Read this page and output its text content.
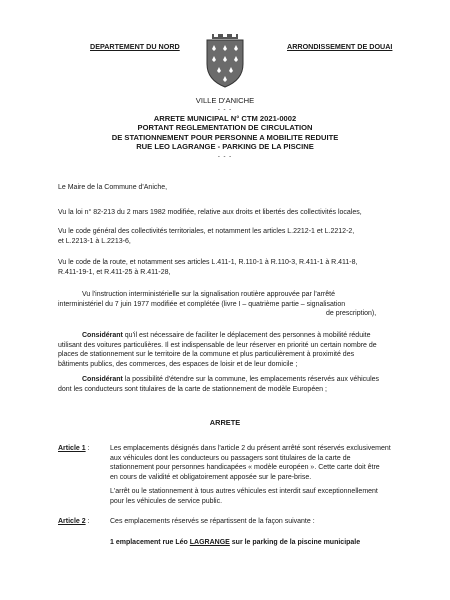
DEPARTEMENT DU NORD	ARRONDISSEMENT DE DOUAI
VILLE D'ANICHE
- - -
ARRETE MUNICIPAL N° CTM 2021-0002
PORTANT REGLEMENTATION DE CIRCULATION
DE STATIONNEMENT POUR PERSONNE A MOBILITE REDUITE
RUE LEO LAGRANGE - PARKING DE LA PISCINE
- - -
Le Maire de la Commune d'Aniche,
Vu la loi n° 82-213 du 2 mars 1982 modifiée, relative aux droits et libertés des collectivités locales,
Vu le code général des collectivités territoriales, et notamment les articles L.2212-1 et L.2212-2,
et L.2213-1 à L.2213-6,
Vu le code de la route, et notamment ses articles L.411-1, R.110-1 à R.110-3, R.411-1 à R.411-8,
R.411-19-1, et R.411-25 à R.411-28,
Vu l'instruction interministérielle sur la signalisation routière approuvée par l'arrêté
interministériel du 7 juin 1977 modifiée et complétée (livre I – quatrième partie – signalisation
de prescription),
Considérant qu'il est nécessaire de faciliter le déplacement des personnes à mobilité réduite
utilisant des voitures particulières. Il est indispensable de leur réserver en priorité un certain nombre de
places de stationnement sur le territoire de la commune et plus particulièrement à proximité des
bâtiments publics, des commerces, des espaces de loisir et de leur domicile ;
Considérant la possibilité d'étendre sur la commune, les emplacements réservés aux véhicules
dont les conducteurs sont titulaires de la carte de stationnement de modèle Européen ;
ARRETE
Article 1 :	Les emplacements désignés dans l'article 2 du présent arrêté sont réservés exclusivement
aux véhicules dont les conducteurs ou passagers sont titulaires de la carte de
stationnement pour personnes handicapées « modèle européen ». Cette carte doit être
en cours de validité et obligatoirement apposée sur le pare-brise.
L'arrêt ou le stationnement à tous autres véhicules est interdit sauf exceptionnellement
pour les véhicules de service public.
Article 2 :	Ces emplacements réservés se répartissent de la façon suivante :
1 emplacement rue Léo LAGRANGE sur le parking de la piscine municipale
